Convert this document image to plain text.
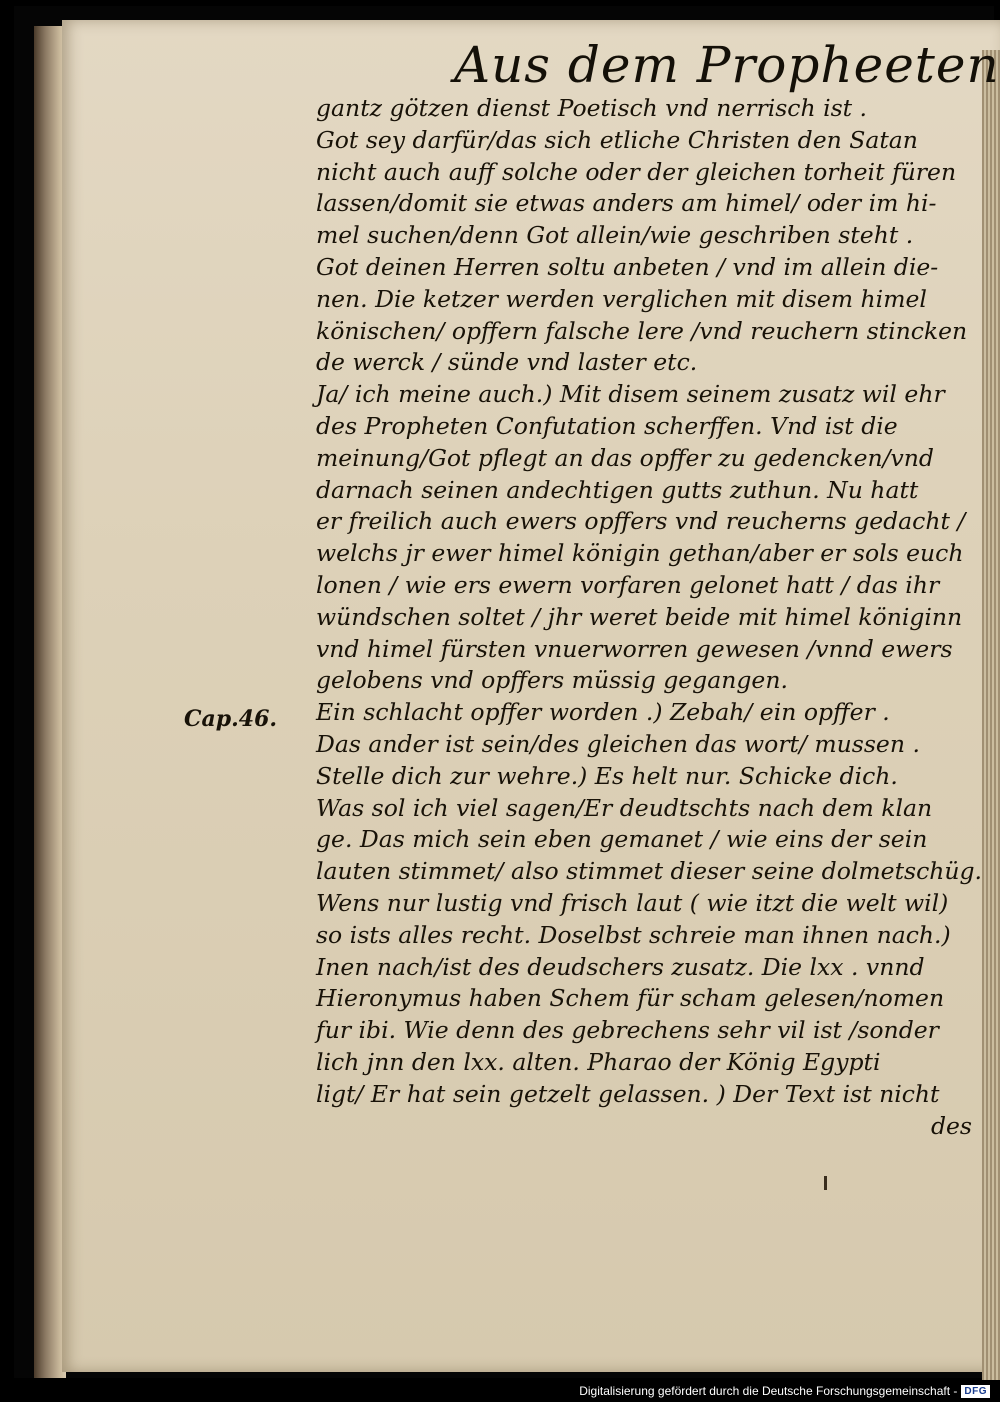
Aus dem Propheeten
Cap.46.
gantz götzen dienst Poetisch vnd nerrisch ist .
Got sey darfür/das sich etliche Christen den Satan
nicht auch auff solche oder der gleichen torheit füren
lassen/domit sie etwas anders am himel/ oder im hi-
mel suchen/denn Got allein/wie geschriben steht .
Got deinen Herren soltu anbeten / vnd im allein die-
nen. Die ketzer werden verglichen mit disem himel
könischen/ opffern falsche lere /vnd reuchern stincken
de werck / sünde vnd laster etc.
Ja/ ich meine auch.) Mit disem seinem zusatz wil ehr
des Propheten Confutation scherffen. Vnd ist die
meinung/Got pflegt an das opffer zu gedencken/vnd
darnach seinen andechtigen gutts zuthun. Nu hatt
er freilich auch ewers opffers vnd reucherns gedacht /
welchs jr ewer himel königin gethan/aber er sols euch
lonen / wie ers ewern vorfaren gelonet hatt / das ihr
wündschen soltet / jhr weret beide mit himel königinn
vnd himel fürsten vnuerworren gewesen /vnnd ewers
gelobens vnd opffers müssig gegangen.
Ein schlacht opffer worden .) Zebah/ ein opffer .
Das ander ist sein/des gleichen das wort/ mussen .
Stelle dich zur wehre.) Es helt nur. Schicke dich.
Was sol ich viel sagen/Er deudtschts nach dem klan
ge. Das mich sein eben gemanet / wie eins der sein
lauten stimmet/ also stimmet dieser seine dolmetschüg.
Wens nur lustig vnd frisch laut ( wie itzt die welt wil)
so ists alles recht. Doselbst schreie man ihnen nach.)
Inen nach/ist des deudschers zusatz. Die lxx . vnnd
Hieronymus haben Schem für scham gelesen/nomen
fur ibi. Wie denn des gebrechens sehr vil ist /sonder
lich jnn den lxx. alten. Pharao der König Egypti
ligt/ Er hat sein getzelt gelassen. ) Der Text ist nicht
des
Digitalisierung gefördert durch die Deutsche Forschungsgemeinschaft - DFG
